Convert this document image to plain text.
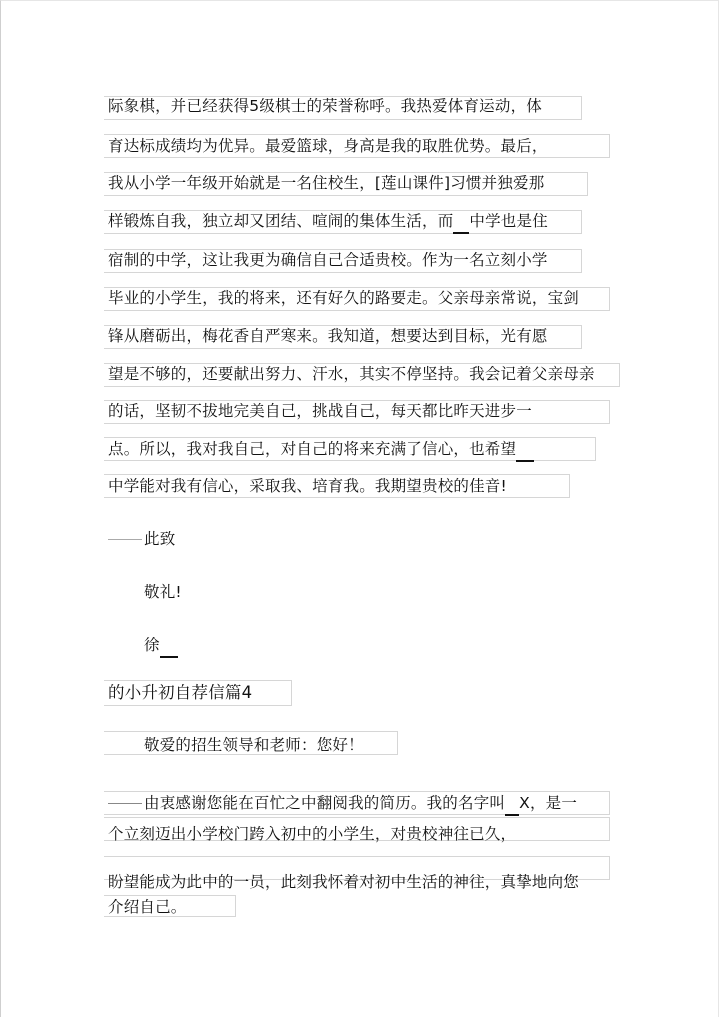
际象棋，并已经获得5级棋士的荣誉称呼。我热爱体育运动，体
育达标成绩均为优异。最爱篮球，身高是我的取胜优势。最后，
我从小学一年级开始就是一名住校生，[莲山课件]习惯并独爱那
样锻炼自我，独立却又团结、喧闹的集体生活，而 中学也是住
宿制的中学，这让我更为确信自己合适贵校。作为一名立刻小学
毕业的小学生，我的将来，还有好久的路要走。父亲母亲常说，宝剑
锋从磨砺出，梅花香自严寒来。我知道，想要达到目标，光有愿
望是不够的，还要献出努力、汗水，其实不停坚持。我会记着父亲母亲
的话，坚韧不拔地完美自己，挑战自己，每天都比昨天进步一
点。所以，我对我自己，对自己的将来充满了信心，也希望
中学能对我有信心，采取我、培育我。我期望贵校的佳音!
此致
敬礼!
徐
的小升初自荐信篇4
敬爱的招生领导和老师：您好！
由衷感谢您能在百忙之中翻阅我的简历。我的名字叫 X，是一
个立刻迈出小学校门跨入初中的小学生，对贵校神往已久，
盼望能成为此中的一员，此刻我怀着对初中生活的神往，真挚地向您
介绍自己。
